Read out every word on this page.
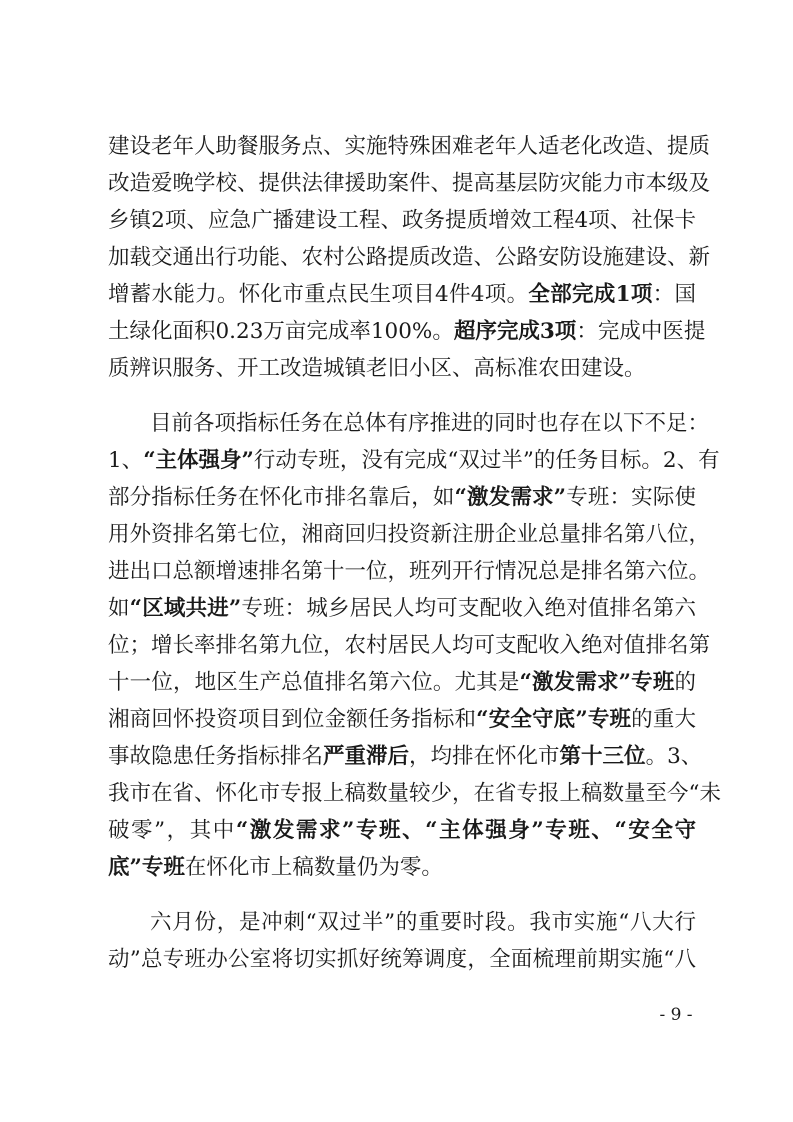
建设老年人助餐服务点、实施特殊困难老年人适老化改造、提质
改造爱晚学校、提供法律援助案件、提高基层防灾能力市本级及
乡镇2项、应急广播建设工程、政务提质增效工程4项、社保卡
加载交通出行功能、农村公路提质改造、公路安防设施建设、新
增蓄水能力。怀化市重点民生项目4件4项。全部完成1项：国
土绿化面积0.23万亩完成率100%。超序完成3项：完成中医提
质辨识服务、开工改造城镇老旧小区、高标准农田建设。
目前各项指标任务在总体有序推进的同时也存在以下不足：
1、“主体强身”行动专班，没有完成“双过半”的任务目标。2、有
部分指标任务在怀化市排名靠后，如“激发需求”专班：实际使
用外资排名第七位，湘商回归投资新注册企业总量排名第八位，
进出口总额增速排名第十一位，班列开行情况总是排名第六位。
如“区域共进”专班：城乡居民人均可支配收入绝对值排名第六
位；增长率排名第九位，农村居民人均可支配收入绝对值排名第
十一位，地区生产总值排名第六位。尤其是“激发需求”专班的
湘商回怀投资项目到位金额任务指标和“安全守底”专班的重大
事故隐患任务指标排名严重滞后，均排在怀化市第十三位。3、
我市在省、怀化市专报上稿数量较少，在省专报上稿数量至今“未
破零”，其中“激发需求”专班、“主体强身”专班、“安全守
底”专班在怀化市上稿数量仍为零。
六月份，是冲刺“双过半”的重要时段。我市实施“八大行
动”总专班办公室将切实抓好统筹调度，全面梳理前期实施“八
- 9 -
